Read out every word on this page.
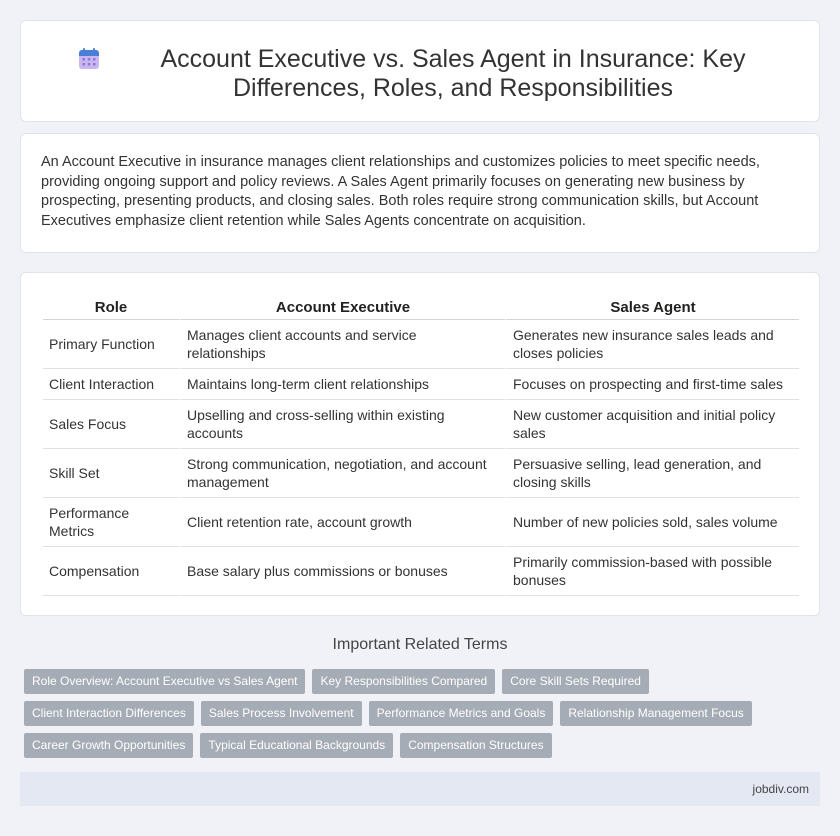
Account Executive vs. Sales Agent in Insurance: Key Differences, Roles, and Responsibilities

An Account Executive in insurance manages client relationships and customizes policies to meet specific needs, providing ongoing support and policy reviews. A Sales Agent primarily focuses on generating new business by prospecting, presenting products, and closing sales. Both roles require strong communication skills, but Account Executives emphasize client retention while Sales Agents concentrate on acquisition.

Role	Account Executive	Sales Agent
Primary Function	Manages client accounts and service relationships	Generates new insurance sales leads and closes policies
Client Interaction	Maintains long-term client relationships	Focuses on prospecting and first-time sales
Sales Focus	Upselling and cross-selling within existing accounts	New customer acquisition and initial policy sales
Skill Set	Strong communication, negotiation, and account management	Persuasive selling, lead generation, and closing skills
Performance Metrics	Client retention rate, account growth	Number of new policies sold, sales volume
Compensation	Base salary plus commissions or bonuses	Primarily commission-based with possible bonuses
Important Related Terms
Role Overview: Account Executive vs Sales Agent	Key Responsibilities Compared	Core Skill Sets Required
Client Interaction Differences	Sales Process Involvement	Performance Metrics and Goals	Relationship Management Focus
Career Growth Opportunities	Typical Educational Backgrounds	Compensation Structures
jobdiv.com
